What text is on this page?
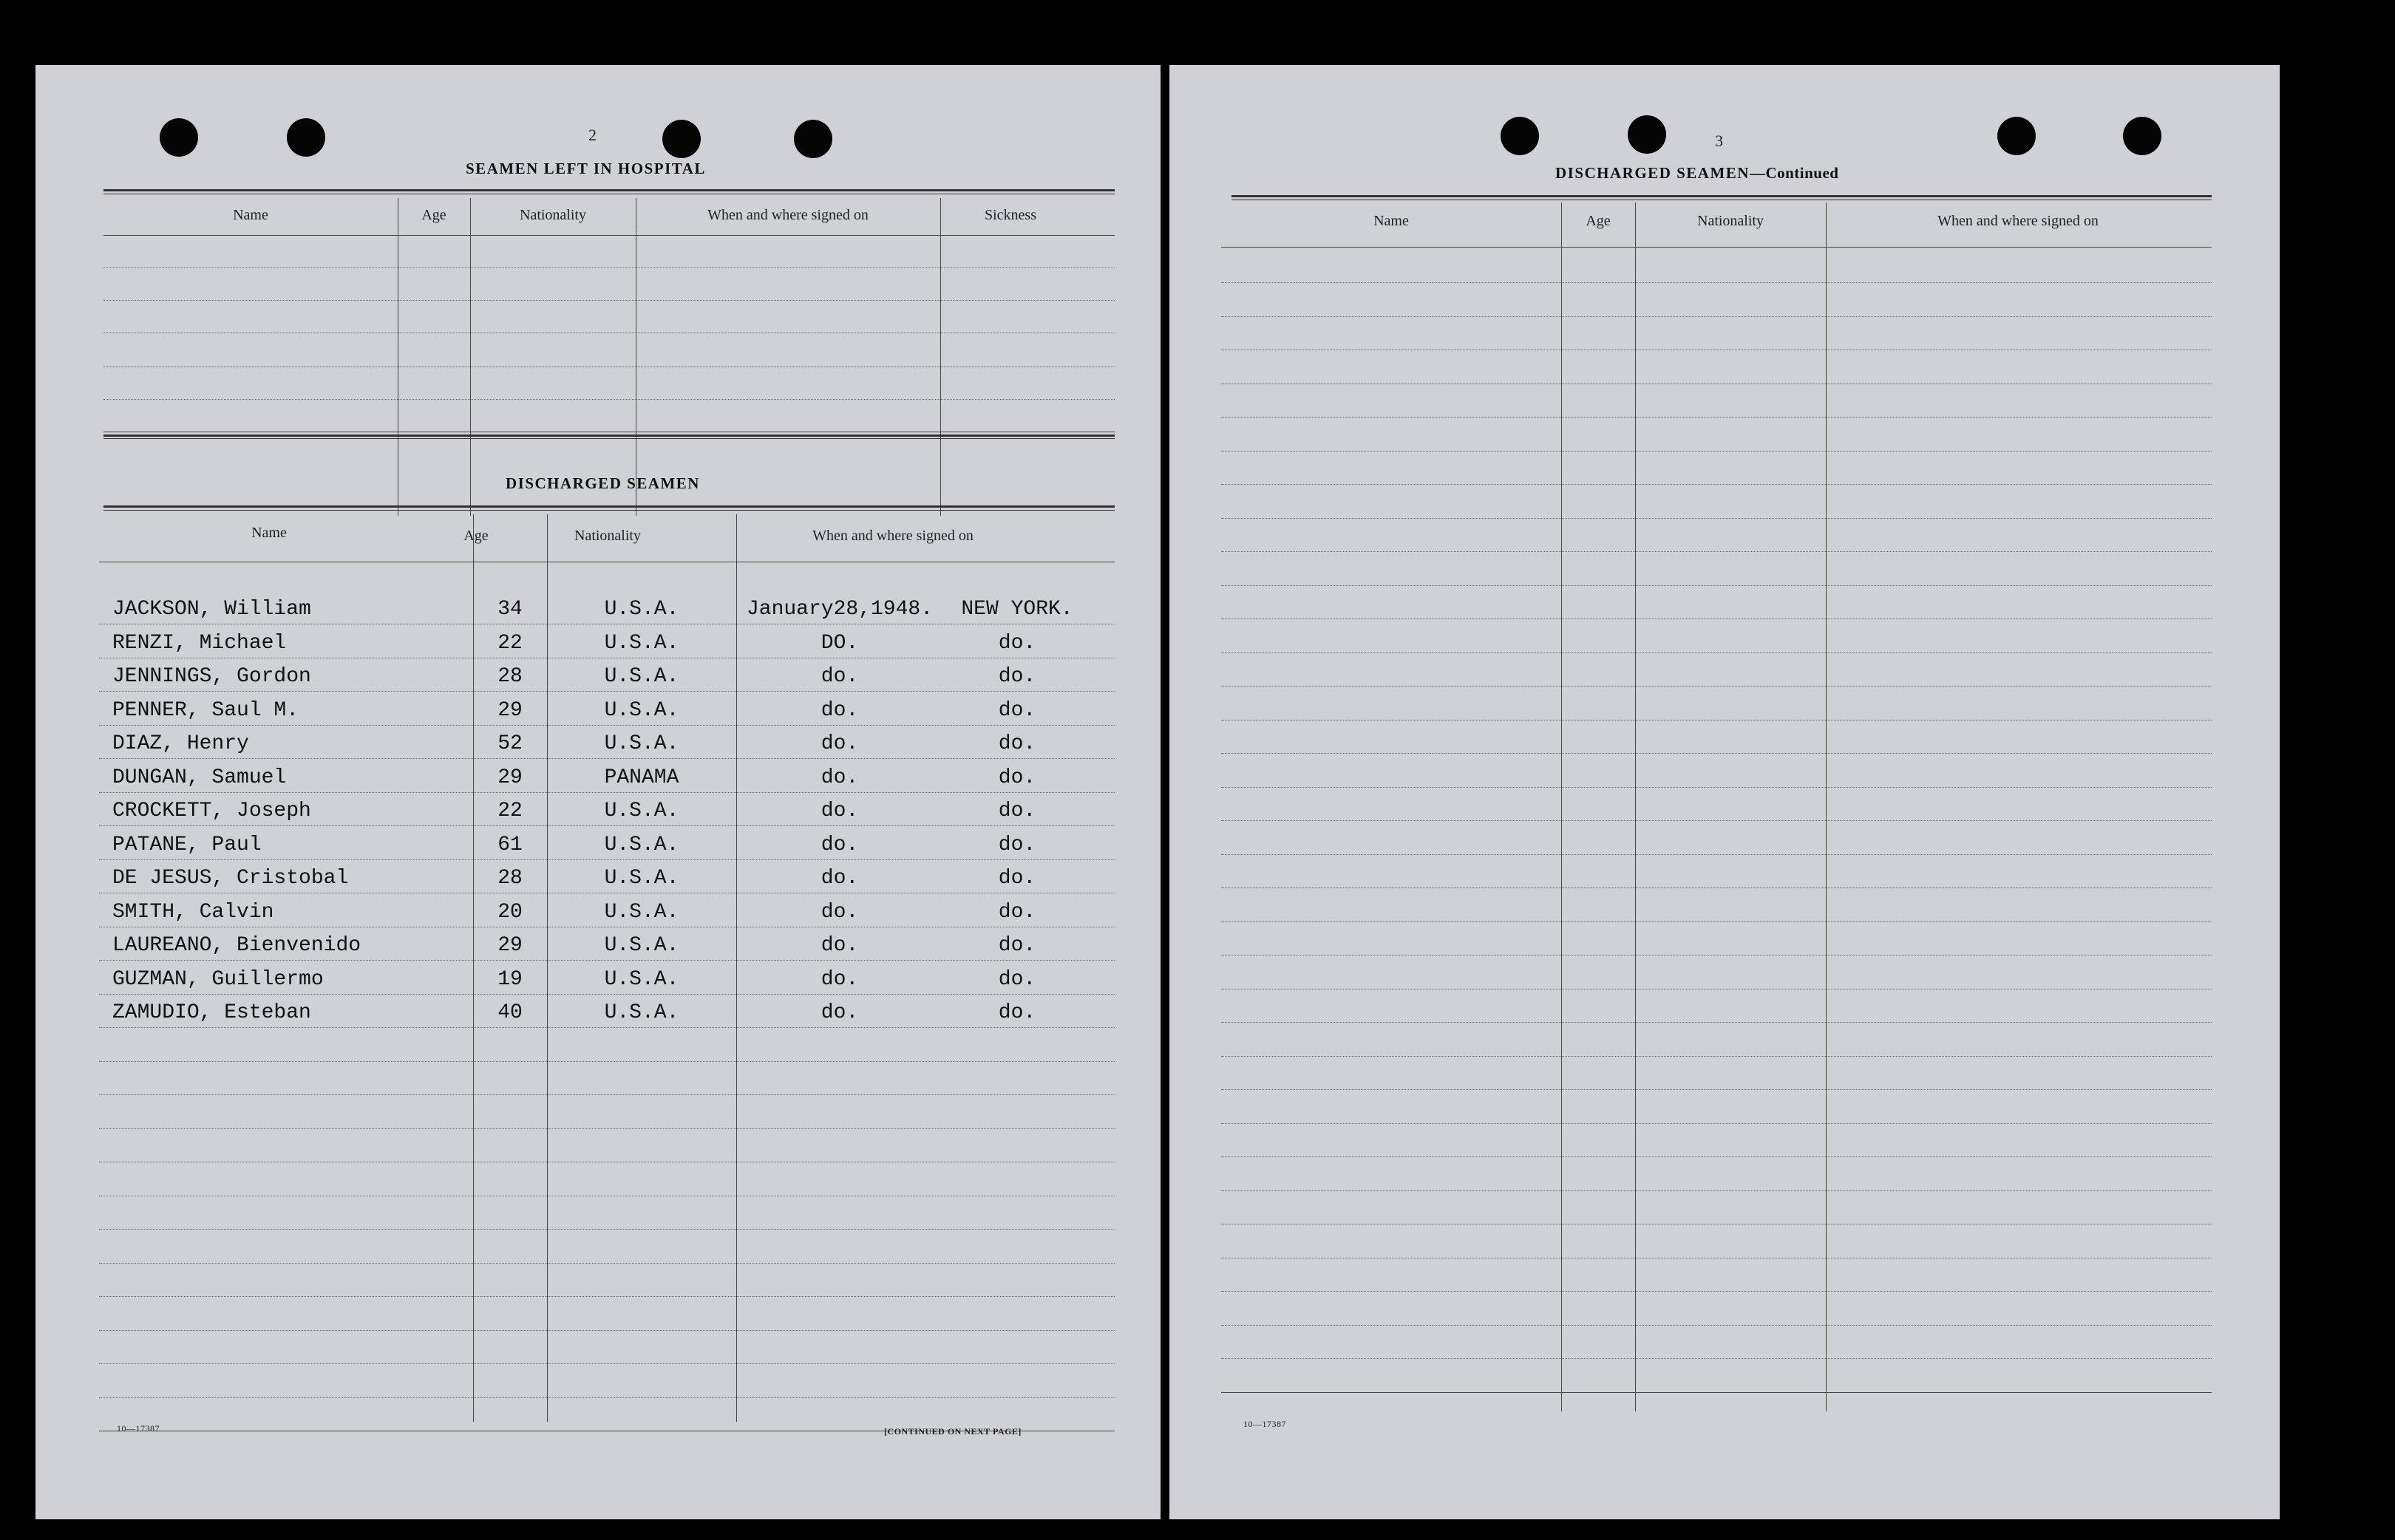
2
SEAMEN LEFT IN HOSPITAL
Name	Age	Nationality	When and where signed on	Sickness
DISCHARGED SEAMEN
Name	Age	Nationality	When and where signed on
JACKSON, William	34	U.S.A.	January28,1948.	NEW YORK.
RENZI, Michael	22	U.S.A.	DO.	do.
JENNINGS, Gordon	28	U.S.A.	do.	do.
PENNER, Saul M.	29	U.S.A.	do.	do.
DIAZ, Henry	52	U.S.A.	do.	do.
DUNGAN, Samuel	29	PANAMA	do.	do.
CROCKETT, Joseph	22	U.S.A.	do.	do.
PATANE, Paul	61	U.S.A.	do.	do.
DE JESUS, Cristobal	28	U.S.A.	do.	do.
SMITH, Calvin	20	U.S.A.	do.	do.
LAUREANO, Bienvenido	29	U.S.A.	do.	do.
GUZMAN, Guillermo	19	U.S.A.	do.	do.
ZAMUDIO, Esteban	40	U.S.A.	do.	do.
10—17387	[CONTINUED ON NEXT PAGE]
3
DISCHARGED SEAMEN—Continued
Name	Age	Nationality	When and where signed on
10—17387
